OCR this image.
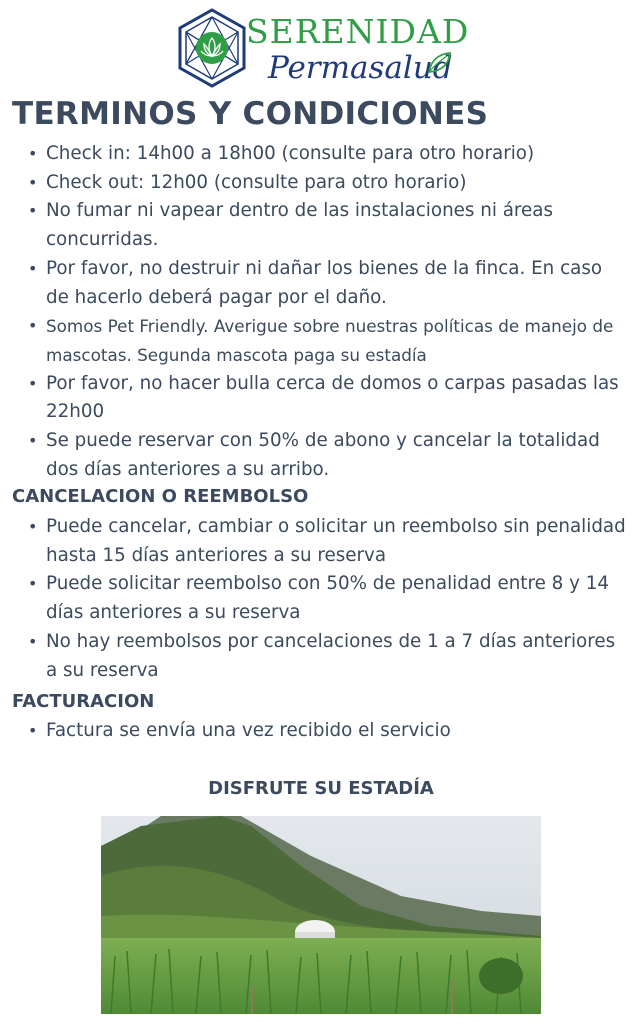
SERENIDAD
Permasalud
TERMINOS Y CONDICIONES
• Check in: 14h00 a 18h00 (consulte para otro horario)
• Check out: 12h00 (consulte para otro horario)
• No fumar ni vapear dentro de las instalaciones ni áreas concurridas.
• Por favor, no destruir ni dañar los bienes de la finca. En caso de hacerlo deberá pagar por el daño.
• Somos Pet Friendly. Averigue sobre nuestras políticas de manejo de mascotas. Segunda mascota paga su estadía
• Por favor, no hacer bulla cerca de domos o carpas pasadas las 22h00
• Se puede reservar con 50% de abono y cancelar la totalidad dos días anteriores a su arribo.
CANCELACION O REEMBOLSO
• Puede cancelar, cambiar o solicitar un reembolso sin penalidad hasta 15 días anteriores a su reserva
• Puede solicitar reembolso con 50% de penalidad entre 8 y 14 días anteriores a su reserva
• No hay reembolsos por cancelaciones de 1 a 7 días anteriores a su reserva
FACTURACION
• Factura se envía una vez recibido el servicio
DISFRUTE SU ESTADÍA
